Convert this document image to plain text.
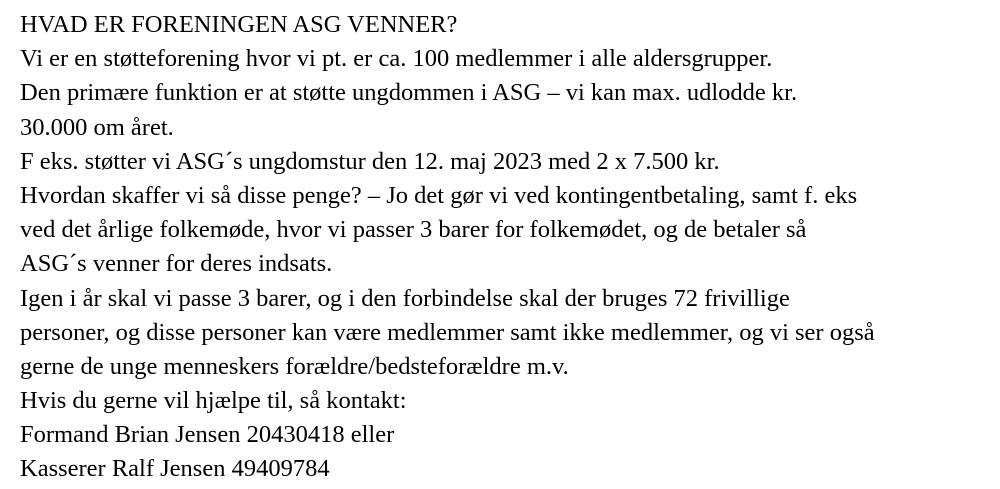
HVAD ER FORENINGEN ASG VENNER?
Vi er en støtteforening hvor vi pt. er ca. 100 medlemmer i alle aldersgrupper.
Den primære funktion er at støtte ungdommen i ASG – vi kan max. udlodde kr.
30.000 om året.
F eks. støtter vi ASG´s ungdomstur den 12. maj 2023 med 2 x 7.500 kr.
Hvordan skaffer vi så disse penge? – Jo det gør vi ved kontingentbetaling, samt f. eks
ved det årlige folkemøde, hvor vi passer 3 barer for folkemødet, og de betaler så
ASG´s venner for deres indsats.
Igen i år skal vi passe 3 barer, og i den forbindelse skal der bruges 72 frivillige
personer, og disse personer kan være medlemmer samt ikke medlemmer, og vi ser også
gerne de unge menneskers forældre/bedsteforældre m.v.
Hvis du gerne vil hjælpe til, så kontakt:
Formand Brian Jensen 20430418 eller
Kasserer Ralf Jensen 49409784
